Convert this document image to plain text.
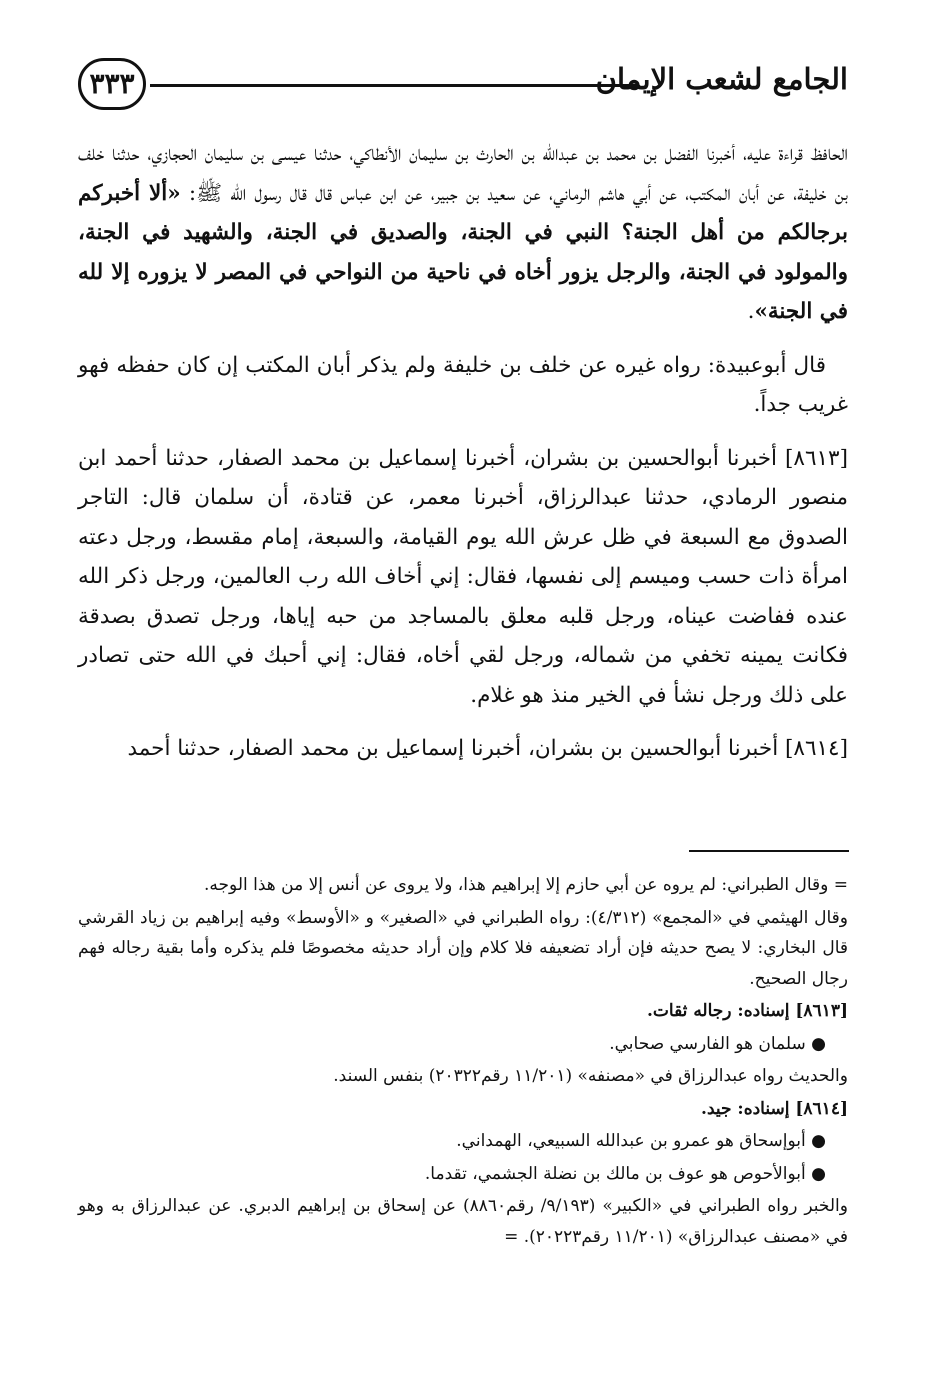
الجامع لشعب الإيمان
٣٣٣

الحافظ قراءة عليه، أخبرنا الفضل بن محمد بن عبدالله بن الحارث بن سليمان الأنطاكي، حدثنا عيسى بن سليمان الحجازي، حدثنا خلف بن خليفة، عن أبان المكتب، عن أبي هاشم الرماني، عن سعيد بن جبير، عن ابن عباس قال قال رسول الله ﷺ: «ألا أخبركم برجالكم من أهل الجنة؟ النبي في الجنة، والصديق في الجنة، والشهيد في الجنة، والمولود في الجنة، والرجل يزور أخاه في ناحية من النواحي في المصر لا يزوره إلا لله في الجنة».

قال أبوعبيدة: رواه غيره عن خلف بن خليفة ولم يذكر أبان المكتب إن كان حفظه فهو غريب جداً.

[٨٦١٣] أخبرنا أبوالحسين بن بشران، أخبرنا إسماعيل بن محمد الصفار، حدثنا أحمد ابن منصور الرمادي، حدثنا عبدالرزاق، أخبرنا معمر، عن قتادة، أن سلمان قال: التاجر الصدوق مع السبعة في ظل عرش الله يوم القيامة، والسبعة، إمام مقسط، ورجل دعته امرأة ذات حسب وميسم إلى نفسها، فقال: إني أخاف الله رب العالمين، ورجل ذكر الله عنده ففاضت عيناه، ورجل قلبه معلق بالمساجد من حبه إياها، ورجل تصدق بصدقة فكانت يمينه تخفي من شماله، ورجل لقي أخاه، فقال: إني أحبك في الله حتى تصادر على ذلك ورجل نشأ في الخير منذ هو غلام.

[٨٦١٤] أخبرنا أبوالحسين بن بشران، أخبرنا إسماعيل بن محمد الصفار، حدثنا أحمد

= وقال الطبراني: لم يروه عن أبي حازم إلا إبراهيم هذا، ولا يروى عن أنس إلا من هذا الوجه.

وقال الهيثمي في «المجمع» (٤/٣١٢): رواه الطبراني في «الصغير» و «الأوسط» وفيه إبراهيم بن زياد القرشي قال البخاري: لا يصح حديثه فإن أراد تضعيفه فلا كلام وإن أراد حديثه مخصوصًا فلم يذكره وأما بقية رجاله فهم رجال الصحيح.

[٨٦١٣] إسناده: رجاله ثقات.

● سلمان هو الفارسي صحابي.

والحديث رواه عبدالرزاق في «مصنفه» (١١/٢٠١ رقم٢٠٣٢٢) بنفس السند.

[٨٦١٤] إسناده: جيد.

● أبوإسحاق هو عمرو بن عبدالله السبيعي، الهمداني.

● أبوالأحوص هو عوف بن مالك بن نضلة الجشمي، تقدما.

والخبر رواه الطبراني في «الكبير» (٩/١٩٣/ رقم٨٨٦٠) عن إسحاق بن إبراهيم الدبري. عن عبدالرزاق به وهو في «مصنف عبدالرزاق» (١١/٢٠١ رقم٢٠٢٢٣). =
